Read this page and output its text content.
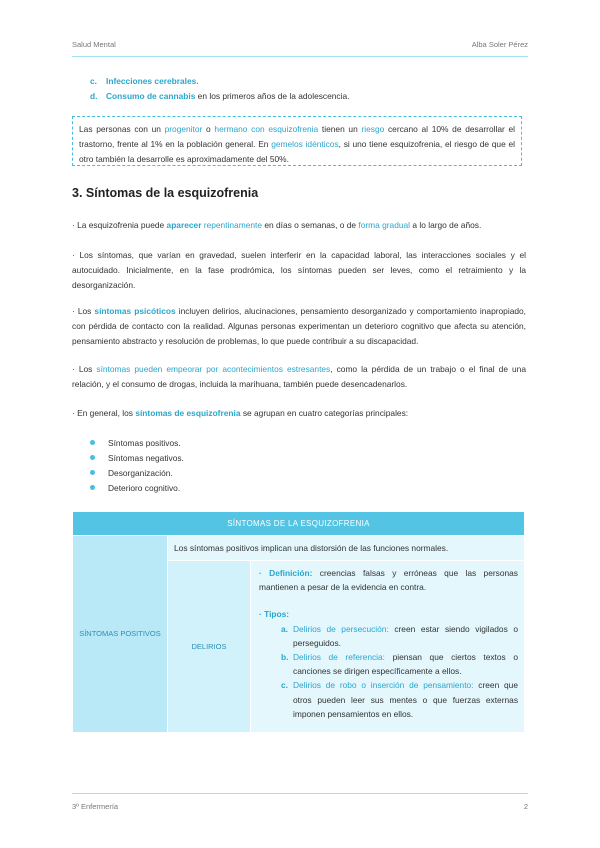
Salud Mental	Alba Soler Pérez
c. Infecciones cerebrales.
d. Consumo de cannabis en los primeros años de la adolescencia.
Las personas con un progenitor o hermano con esquizofrenia tienen un riesgo cercano al 10% de desarrollar el trastorno, frente al 1% en la población general. En gemelos idénticos, si uno tiene esquizofrenia, el riesgo de que el otro también la desarrolle es aproximadamente del 50%.
3. Síntomas de la esquizofrenia
· La esquizofrenia puede aparecer repentinamente en días o semanas, o de forma gradual a lo largo de años.
· Los síntomas, que varían en gravedad, suelen interferir en la capacidad laboral, las interacciones sociales y el autocuidado. Inicialmente, en la fase prodrómica, los síntomas pueden ser leves, como el retraimiento y la desorganización.
· Los síntomas psicóticos incluyen delirios, alucinaciones, pensamiento desorganizado y comportamiento inapropiado, con pérdida de contacto con la realidad. Algunas personas experimentan un deterioro cognitivo que afecta su atención, pensamiento abstracto y resolución de problemas, lo que puede contribuir a su discapacidad.
· Los síntomas pueden empeorar por acontecimientos estresantes, como la pérdida de un trabajo o el final de una relación, y el consumo de drogas, incluida la marihuana, también puede desencadenarlos.
· En general, los síntomas de esquizofrenia se agrupan en cuatro categorías principales:
Síntomas positivos.
Síntomas negativos.
Desorganización.
Deterioro cognitivo.
SÍNTOMAS DE LA ESQUIZOFRENIA
SÍNTOMAS POSITIVOS
Los síntomas positivos implican una distorsión de las funciones normales.
DELIRIOS
· Definición: creencias falsas y erróneas que las personas mantienen a pesar de la evidencia en contra.
· Tipos:
a. Delirios de persecución: creen estar siendo vigilados o perseguidos.
b. Delirios de referencia: piensan que ciertos textos o canciones se dirigen específicamente a ellos.
c. Delirios de robo o inserción de pensamiento: creen que otros pueden leer sus mentes o que fuerzas externas imponen pensamientos en ellos.
3º Enfermería	2
